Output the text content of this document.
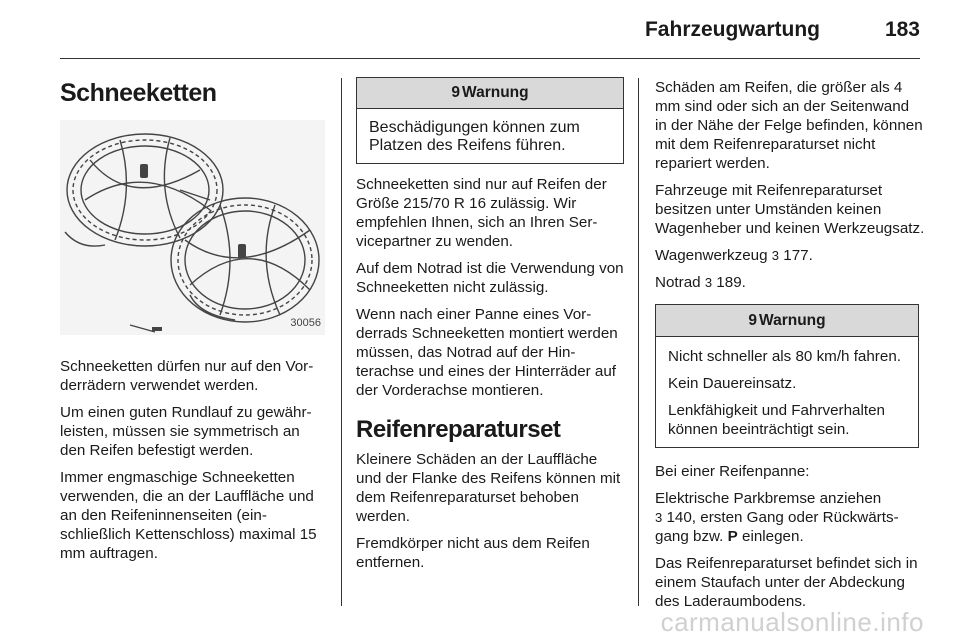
Fahrzeugwartung	183
Schneeketten
30056

Schneeketten dürfen nur auf den Vorderrädern verwendet werden.

Um einen guten Rundlauf zu gewährleisten, müssen sie symmetrisch an den Reifen befestigt werden.

Immer engmaschige Schneeketten verwenden, die an der Lauffläche und an den Reifeninnenseiten (einschließlich Kettenschloss) maximal 15 mm auftragen.

9 Warnung

Beschädigungen können zum Platzen des Reifens führen.

Schneeketten sind nur auf Reifen der Größe 215/70 R 16 zulässig. Wir empfehlen Ihnen, sich an Ihren Servicepartner zu wenden.

Auf dem Notrad ist die Verwendung von Schneeketten nicht zulässig.

Wenn nach einer Panne eines Vorderrads Schneeketten montiert werden müssen, das Notrad auf der Hinterachse und eines der Hinterräder auf der Vorderachse montieren.

Reifenreparaturset

Kleinere Schäden an der Lauffläche und der Flanke des Reifens können mit dem Reifenreparaturset behoben werden.

Fremdkörper nicht aus dem Reifen entfernen.

Schäden am Reifen, die größer als 4 mm sind oder sich an der Seitenwand in der Nähe der Felge befinden, können mit dem Reifenreparaturset nicht repariert werden.

Fahrzeuge mit Reifenreparaturset besitzen unter Umständen keinen Wagenheber und keinen Werkzeugsatz.

Wagenwerkzeug 3 177.

Notrad 3 189.

9 Warnung

Nicht schneller als 80 km/h fahren.

Kein Dauereinsatz.

Lenkfähigkeit und Fahrverhalten können beeinträchtigt sein.

Bei einer Reifenpanne:

Elektrische Parkbremse anziehen
3 140, ersten Gang oder Rückwärtsgang bzw. P einlegen.

Das Reifenreparaturset befindet sich in einem Staufach unter der Abdeckung des Laderaumbodens.

carmanualsonline.info
